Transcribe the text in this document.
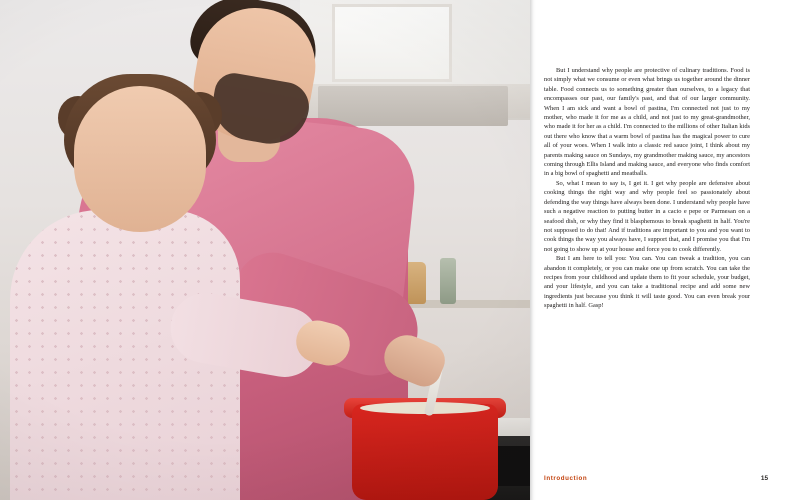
But I understand why people are protective of culinary traditions. Food is not simply what we consume or even what brings us together around the dinner table. Food connects us to something greater than ourselves, to a legacy that encompasses our past, our family's past, and that of our larger community. When I am sick and want a bowl of pastina, I'm connected not just to my mother, who made it for me as a child, and not just to my great-grandmother, who made it for her as a child. I'm connected to the millions of other Italian kids out there who know that a warm bowl of pastina has the magical power to cure all of your woes. When I walk into a classic red sauce joint, I think about my parents making sauce on Sundays, my grandmother making sauce, my ancestors coming through Ellis Island and making sauce, and everyone who finds comfort in a big bowl of spaghetti and meatballs.

So, what I mean to say is, I get it. I get why people are defensive about cooking things the right way and why people feel so passionately about defending the way things have always been done. I understand why people have such a negative reaction to putting butter in a cacio e pepe or Parmesan on a seafood dish, or why they find it blasphemous to break spaghetti in half. You're not supposed to do that! And if traditions are important to you and you want to cook things the way you always have, I support that, and I promise you that I'm not going to show up at your house and force you to cook differently.

But I am here to tell you: You can. You can tweak a tradition, you can abandon it completely, or you can make one up from scratch. You can take the recipes from your childhood and update them to fit your schedule, your budget, and your lifestyle, and you can take a traditional recipe and add some new ingredients just because you think it will taste good. You can even break your spaghetti in half. Gasp!

Introduction	15
